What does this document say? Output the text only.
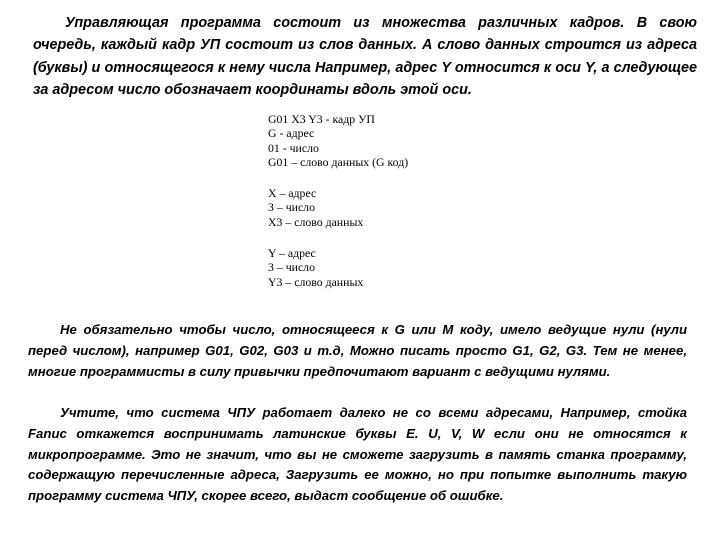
Управляющая программа состоит из множества различных кадров. В свою очередь, каждый кадр УП состоит из слов данных. А слово данных строится из адреса (буквы) и относящегося к нему числа Например, адрес Y относится к оси Y, а следующее за адресом число обозначает координаты вдоль этой оси.

G01 X3 Y3 - кадр УП
G - адрес
01 - число
G01 – слово данных (G код)
X – адрес
3 – число
X3 – слово данных
Y – адрес
3 – число
Y3 – слово данных

Не обязательно чтобы число, относящееся к G или M коду, имело ведущие нули (нули перед числом), например G01, G02, G03 и т.д, Можно писать просто G1, G2, G3. Тем не менее, многие программисты в силу привычки предпочитают вариант с ведущими нулями.

Учтите, что система ЧПУ работает далеко не со всеми адресами, Например, стойка Fanuc откажется воспринимать латинские буквы E. U, V, W если они не относятся к микропрограмме. Это не значит, что вы не сможете загрузить в память станка программу, содержащую перечисленные адреса, Загрузить ее можно, но при попытке выполнить такую программу система ЧПУ, скорее всего, выдаст сообщение об ошибке.
